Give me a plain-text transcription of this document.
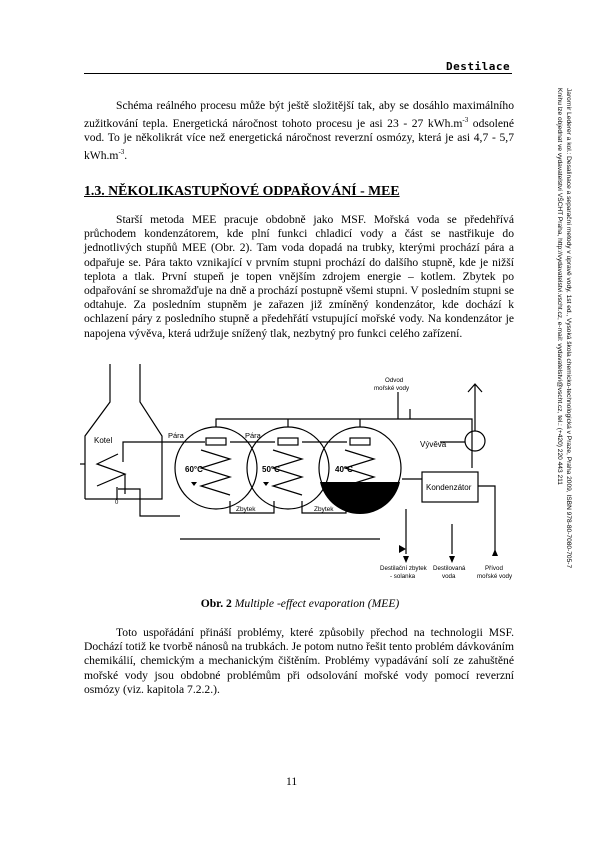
Destilace

Schéma reálného procesu může být ještě složitější tak, aby se dosáhlo maximálního zužitkování tepla. Energetická náročnost tohoto procesu je asi 23 - 27 $kWh.m^{-3}$ odsolené vod. To je několikrát více než energetická náročnost reverzní osmózy, která je asi 4,7 - 5,7 $kWh.m^{-3}$.

1.3. NĚKOLIKASTUPŇOVÉ ODPAŘOVÁNÍ - MEE

Starší metoda MEE pracuje obdobně jako MSF. Mořská voda se předehřívá průchodem kondenzátorem, kde plní funkci chladicí vody a část se nastřikuje do jednotlivých stupňů MEE (Obr. 2). Tam voda dopadá na trubky, kterými prochází pára a odpařuje se. Pára takto vznikající v prvním stupni prochází do dalšího stupně, kde je nižší teplota a tlak. První stupeň je topen vnějším zdrojem energie – kotlem. Zbytek po odpařování se shromažďuje na dně a prochází postupně všemi stupni. V posledním stupni se odtahuje. Za posledním stupněm je zařazen již zmíněný kondenzátor, kde dochází k ochlazení páry z posledního stupně a předehřátí vstupující mořské vody. Na kondenzátor je napojena vývěva, která udržuje snížený tlak, nezbytný pro funkci celého zařízení.

Kotel
0
Pára	Pára
60°C	50°C	40°C
Zbytek	Zbytek
Vývěva
Kondenzátor
Odvod
mořské vody
Destilační zbytek
- solanka
Destilovaná
voda
Přívod
mořské vody
Obr. 2 Multiple -effect evaporation (MEE)

Toto uspořádání přináší problémy, které způsobily přechod na technologii MSF. Dochází totiž ke tvorbě nánosů na trubkách. Je potom nutno řešit tento problém dávkováním chemikálií, chemickým a mechanickým čištěním. Problémy vypadávání solí ze zahuštěné mořské vody jsou obdobné problémům při odsolování mořské vody pomocí reverzní osmózy (viz. kapitola 7.2.2.).

11
Jaromír Lederer a kol.: Desalinace a separační metody v úpravě vody, 1st ed., Vysoká škola chemicko-technologická v Praze, Praha 2009, ISBN 978-80-7080-705-7
Knihu lze objednat ve vydavatelství VŠCHT Praha, http://vydavatelstvi.vscht.cz, e-mail: vydavatelstvi@vscht.cz, tel.: (+420) 220 443 211
